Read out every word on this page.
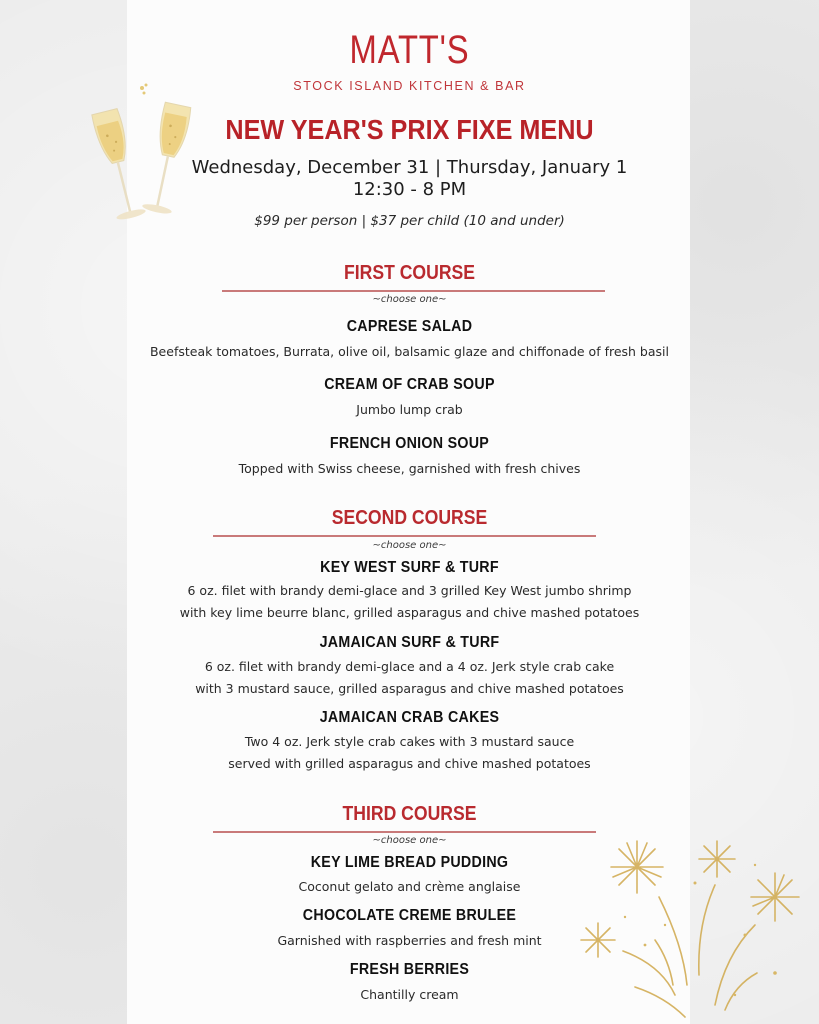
MATT'S
STOCK ISLAND KITCHEN & BAR
NEW YEAR'S PRIX FIXE MENU
Wednesday, December 31 | Thursday, January 1
12:30 - 8 PM
$99 per person | $37 per child (10 and under)
FIRST COURSE
~choose one~
CAPRESE SALAD
Beefsteak tomatoes, Burrata, olive oil, balsamic glaze and chiffonade of fresh basil
CREAM OF CRAB SOUP
Jumbo lump crab
FRENCH ONION SOUP
Topped with Swiss cheese, garnished with fresh chives
SECOND COURSE
~choose one~
KEY WEST SURF & TURF
6 oz. filet with brandy demi-glace and 3 grilled Key West jumbo shrimp
with key lime beurre blanc, grilled asparagus and chive mashed potatoes
JAMAICAN SURF & TURF
6 oz. filet with brandy demi-glace and a 4 oz. Jerk style crab cake
with 3 mustard sauce, grilled asparagus and chive mashed potatoes
JAMAICAN CRAB CAKES
Two 4 oz. Jerk style crab cakes with 3 mustard sauce
served with grilled asparagus and chive mashed potatoes
THIRD COURSE
~choose one~
KEY LIME BREAD PUDDING
Coconut gelato and crème anglaise
CHOCOLATE CREME BRULEE
Garnished with raspberries and fresh mint
FRESH BERRIES
Chantilly cream
